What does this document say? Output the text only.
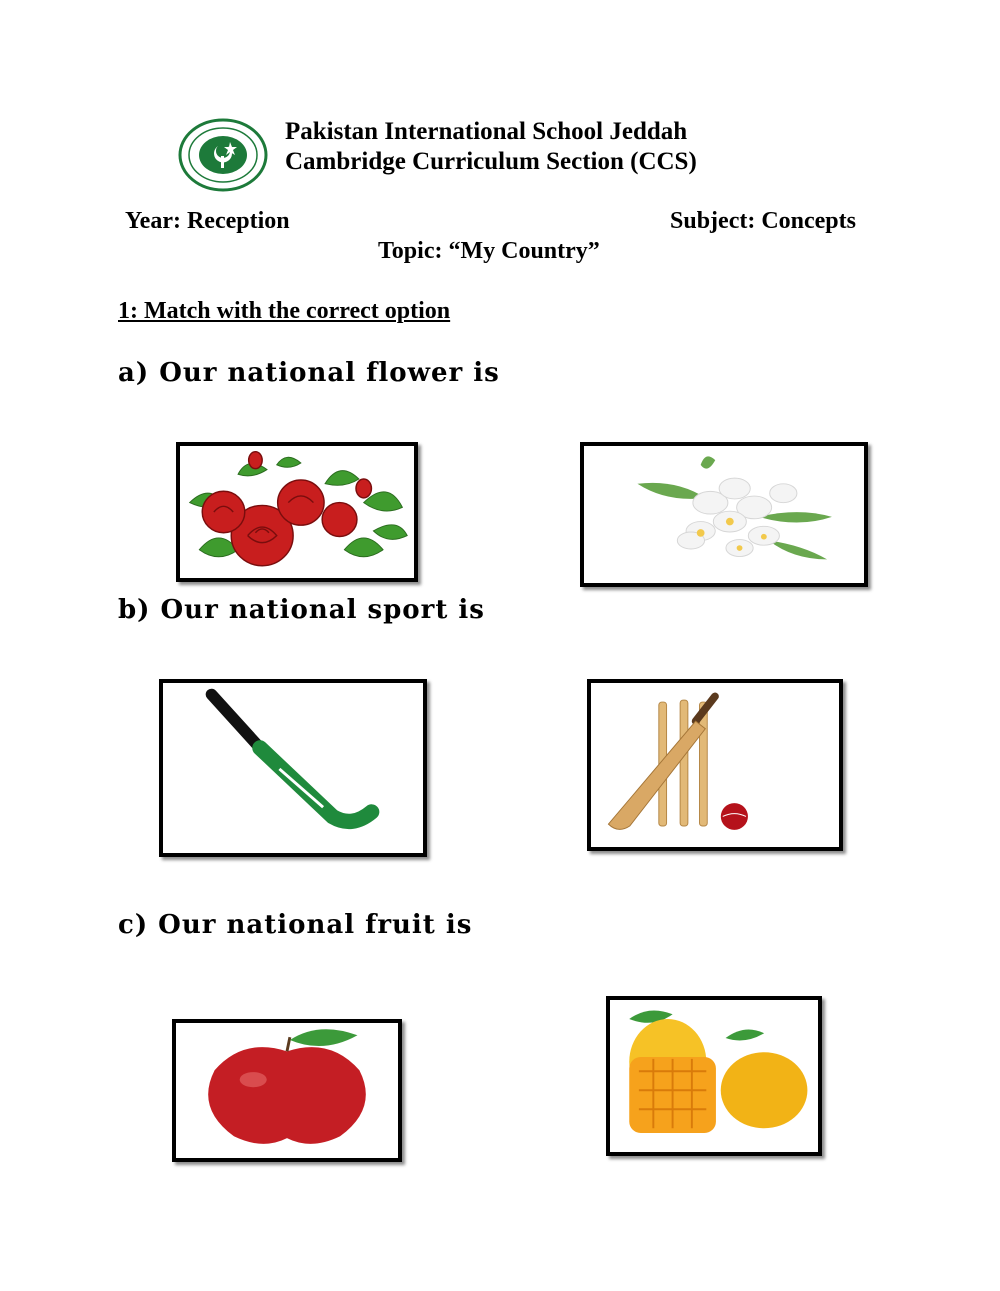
Pakistan International School Jeddah
Cambridge Curriculum Section (CCS)
Year: Reception	Subject: Concepts
Topic: “My Country”
1: Match with the correct option
a) Our national flower is
b) Our national sport is
c) Our national fruit is
